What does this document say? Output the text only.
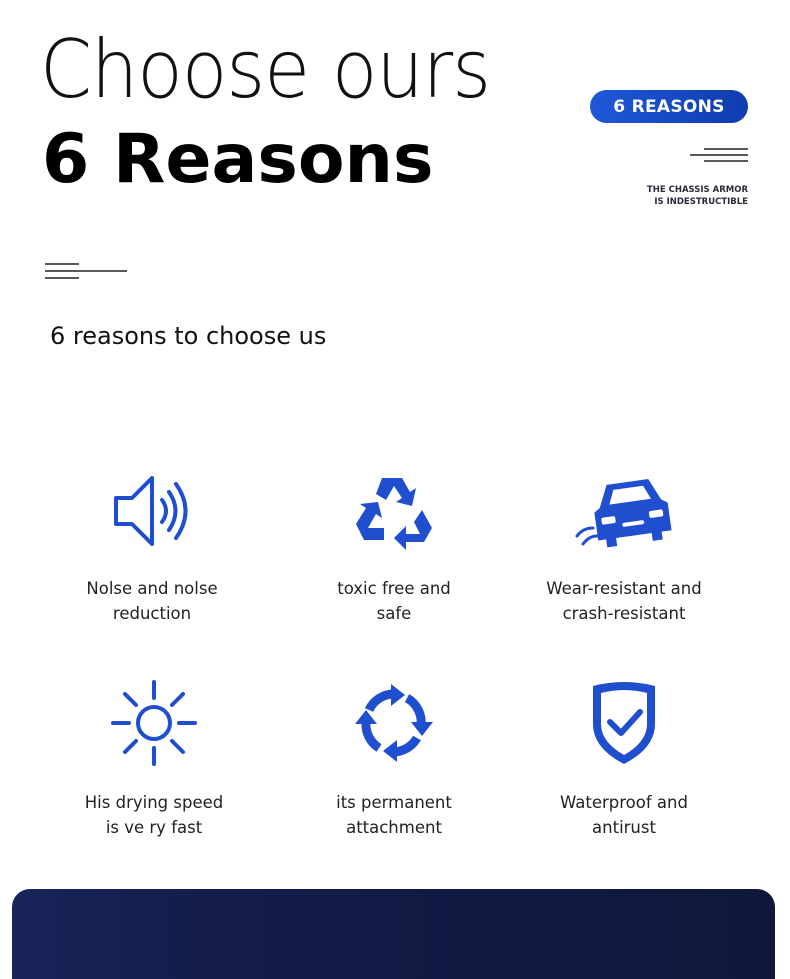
Choose ours
6 Reasons
6 REASONS
THE CHASSIS ARMOR
IS INDESTRUCTIBLE
6 reasons to choose us
Nolse and nolse
reduction
toxic free and
safe
Wear-resistant and
crash-resistant
His drying speed
is ve ry fast
its permanent
attachment
Waterproof and
antirust
